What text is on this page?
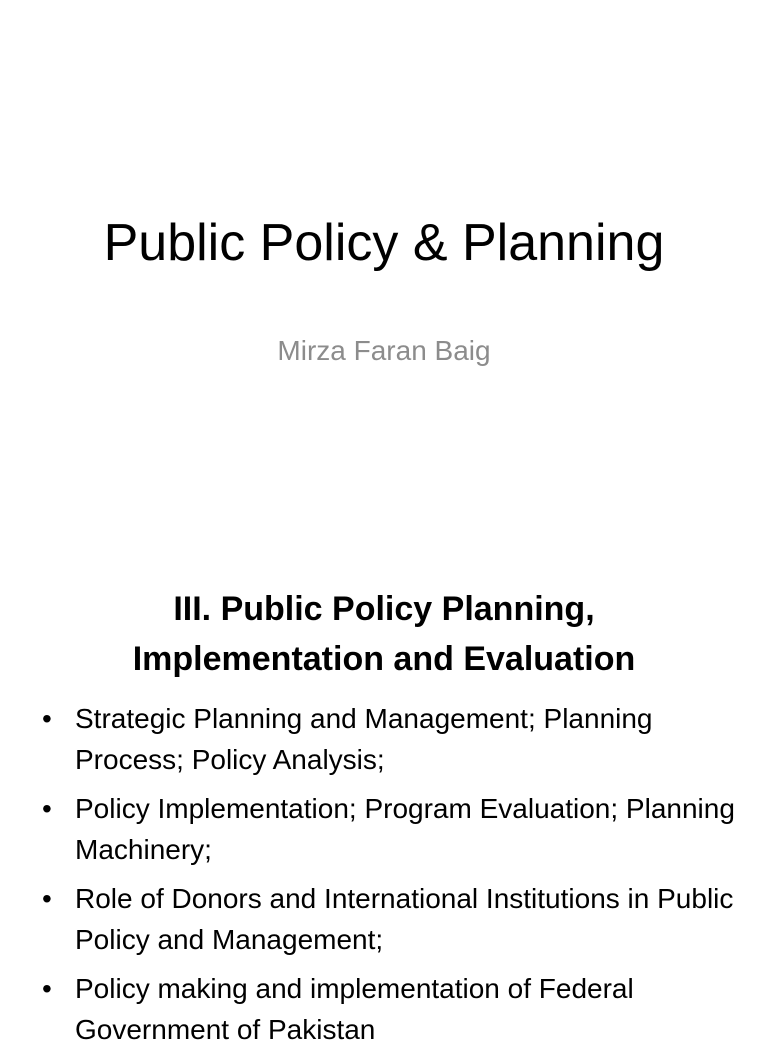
Public Policy & Planning

Mirza Faran Baig

III. Public Policy Planning,
Implementation and Evaluation
• Strategic Planning and Management; Planning Process; Policy Analysis;
• Policy Implementation; Program Evaluation; Planning Machinery;
• Role of Donors and International Institutions in Public Policy and Management;
• Policy making and implementation of Federal Government of Pakistan
